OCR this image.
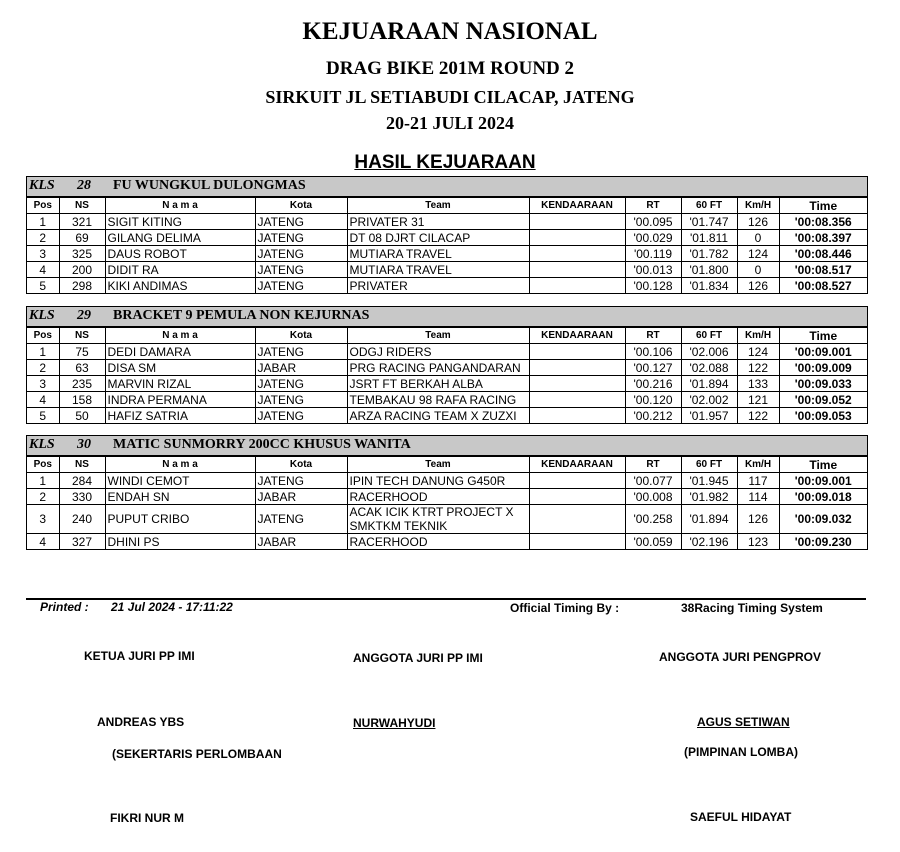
KEJUARAAN NASIONAL
DRAG BIKE 201M ROUND 2
SIRKUIT JL SETIABUDI CILACAP, JATENG
20-21 JULI 2024
HASIL KEJUARAAN
KLS 28 FU WUNGKUL DULONGMAS
Pos	NS	N a m a	Kota	Team	KENDAARAAN	RT	60 FT	Km/H	Time
1	321	SIGIT KITING	JATENG	PRIVATER 31		'00.095	'01.747	126	'00:08.356
2	69	GILANG DELIMA	JATENG	DT 08 DJRT CILACAP		'00.029	'01.811	0	'00:08.397
3	325	DAUS ROBOT	JATENG	MUTIARA TRAVEL		'00.119	'01.782	124	'00:08.446
4	200	DIDIT RA	JATENG	MUTIARA TRAVEL		'00.013	'01.800	0	'00:08.517
5	298	KIKI ANDIMAS	JATENG	PRIVATER		'00.128	'01.834	126	'00:08.527
KLS 29 BRACKET 9 PEMULA NON KEJURNAS
Pos	NS	N a m a	Kota	Team	KENDAARAAN	RT	60 FT	Km/H	Time
1	75	DEDI DAMARA	JATENG	ODGJ RIDERS		'00.106	'02.006	124	'00:09.001
2	63	DISA SM	JABAR	PRG RACING PANGANDARAN		'00.127	'02.088	122	'00:09.009
3	235	MARVIN RIZAL	JATENG	JSRT FT BERKAH ALBA		'00.216	'01.894	133	'00:09.033
4	158	INDRA PERMANA	JATENG	TEMBAKAU 98 RAFA RACING		'00.120	'02.002	121	'00:09.052
5	50	HAFIZ SATRIA	JATENG	ARZA RACING TEAM X ZUZXI		'00.212	'01.957	122	'00:09.053
KLS 30 MATIC SUNMORRY 200CC KHUSUS WANITA
Pos	NS	N a m a	Kota	Team	KENDAARAAN	RT	60 FT	Km/H	Time
1	284	WINDI CEMOT	JATENG	IPIN TECH DANUNG G450R		'00.077	'01.945	117	'00:09.001
2	330	ENDAH SN	JABAR	RACERHOOD		'00.008	'01.982	114	'00:09.018
3	240	PUPUT CRIBO	JATENG	ACAK ICIK KTRT PROJECT X SMKTKM TEKNIK		'00.258	'01.894	126	'00:09.032
4	327	DHINI PS	JABAR	RACERHOOD		'00.059	'02.196	123	'00:09.230
Printed : 21 Jul 2024 - 17:11:22	Official Timing By :	38Racing Timing System
KETUA JURI PP IMI	ANGGOTA JURI PP IMI	ANGGOTA JURI PENGPROV
ANDREAS YBS	NURWAHYUDI	AGUS SETIWAN
(SEKERTARIS PERLOMBAAN	(PIMPINAN LOMBA)
FIKRI NUR M	SAEFUL HIDAYAT
